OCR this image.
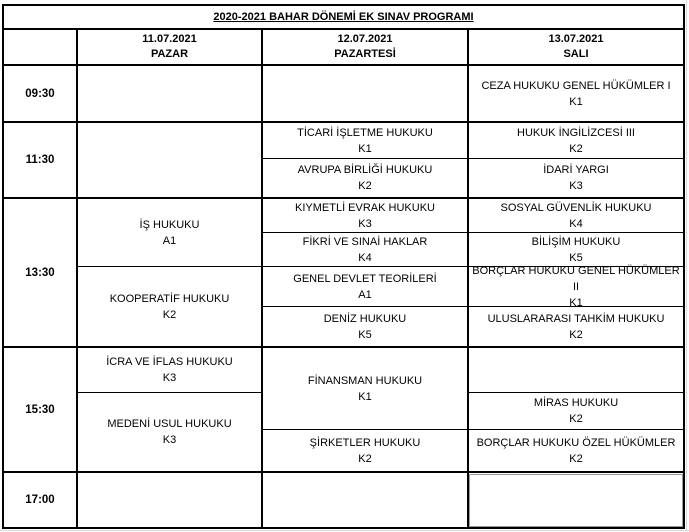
2020-2021 BAHAR DÖNEMİ EK SINAV PROGRAMI
11.07.2021
PAZAR
12.07.2021
PAZARTESİ
13.07.2021
SALI
09:30
11:30
13:30
15:30
17:00
İŞ HUKUKU
A1
KOOPERATİF HUKUKU
K2
İCRA VE İFLAS HUKUKU
K3
MEDENİ USUL HUKUKU
K3
TİCARİ İŞLETME HUKUKU
K1
AVRUPA BİRLİĞİ HUKUKU
K2
KIYMETLİ EVRAK HUKUKU
K3
FİKRİ VE SINAİ HAKLAR
K4
GENEL DEVLET TEORİLERİ
A1
DENİZ HUKUKU
K5
FİNANSMAN HUKUKU
K1
ŞİRKETLER HUKUKU
K2
CEZA HUKUKU GENEL HÜKÜMLER I
K1
HUKUK İNGİLİZCESİ III
K2
İDARİ YARGI
K3
SOSYAL GÜVENLİK HUKUKU
K4
BİLİŞİM HUKUKU
K5
BORÇLAR HUKUKU GENEL HÜKÜMLER II
K1
ULUSLARARASI TAHKİM HUKUKU
K2
MİRAS HUKUKU
K2
BORÇLAR HUKUKU ÖZEL HÜKÜMLER
K2
